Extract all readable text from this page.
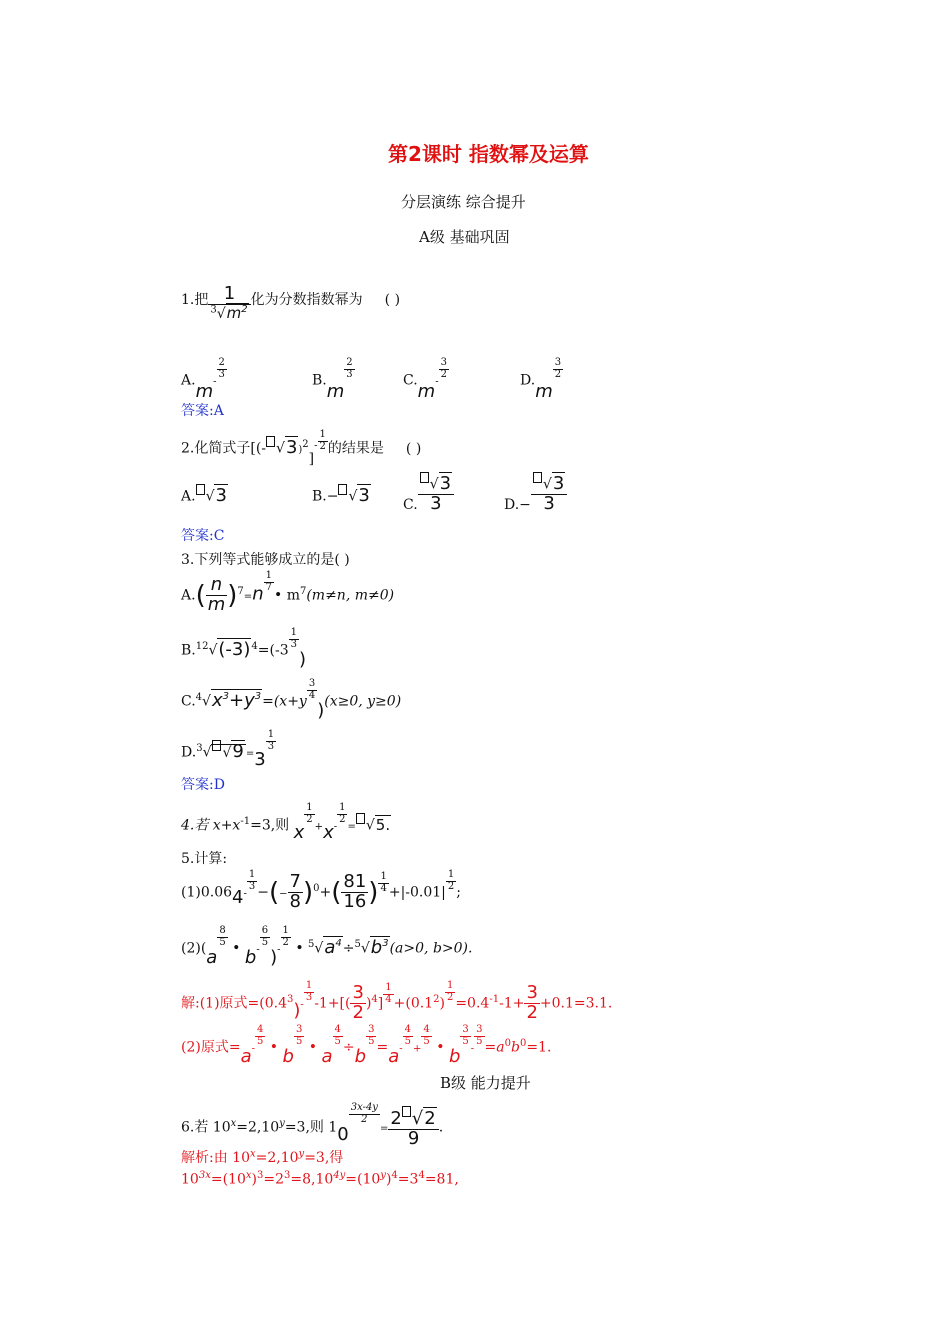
第2课时 指数幂及运算
分层演练 综合提升
A级 基础巩固
1.把 $\frac{1}{^3√m^2}$ 化为分数指数幂为 ( )
A.m-
$\frac{2}{3}$
B.m
$\frac{2}{3}$
C.m-
$\frac{3}{2}$
D.m
$\frac{3}{2}$
答案:A
2.化简式子[(- $√3)^2]^- \frac{1}{2}$ 的结果是 ( )
A. √3	B.− √3 C. $\frac{√3}{3}$	$D.- \frac{√3}{3}$
答案:C
3.下列等式能够成立的是( )
$A.( \frac{n}{m} )^7=n$
$\frac{1}{7}$
• $m^7(m\ne n$, m≠0)
$B.^{12}√(-3)^4=(-3$
$\frac{1}{3}$
)
$C.^4√x^3+y^3=(x+y$
$\frac{3}{4}$
)(x≥0, y≥0)
D.$^3$√ √9 =3
$\frac{1}{3}$
答案:D
4.若 $x+x^{-1}=3$,则 x
$\frac{1}{2}$
+x-
$\frac{1}{2}$
= √5.
5.计算:
(1)0.064-
$\frac{1}{3}$
−(− $\frac{7}{8} )^0+( \frac{81}{16}$ ) $\frac{1}{4} +|-0.01|$
$\frac{1}{2}$
;
(2)(a
$\frac{8}{5}$
• b-
$\frac{6}{5}$
)-
$\frac{1}{2}$
• $^5√a^4\div^5√b^3(a>0$, b>0).
解:(1)原式$=(0.4^3)-$
$\frac{1}{3}$
$-1+[( \frac{3}{2} )^4] \frac{1}{4} +(0.1^2)$
$\frac{1}{2}$
$=0.4^{-1}-1+ \frac{3}{2} +0.1=3.1$.
(2)原式=a-
$\frac{4}{5}$
• b
$\frac{3}{5}$
• a
$\frac{4}{5}$
÷b
$\frac{3}{5}$
=a-
$\frac{4}{5}$
+
$\frac{4}{5}$
• b
$\frac{3}{5}$
-
$\frac{3}{5}$
$=a^0b^0=1$.
B级 能力提升
6.若 $10^x=2,10^y=3$,则 10
$\frac{3x-4y}{2}$
= $\frac{2 √2}{9}$ .
解析:由 $10^x=2,10^y=3$,得
$10^{3x}=(10^x)^3=2^3=8,10^{4y}=(10^y)^4=3^4=81$,
